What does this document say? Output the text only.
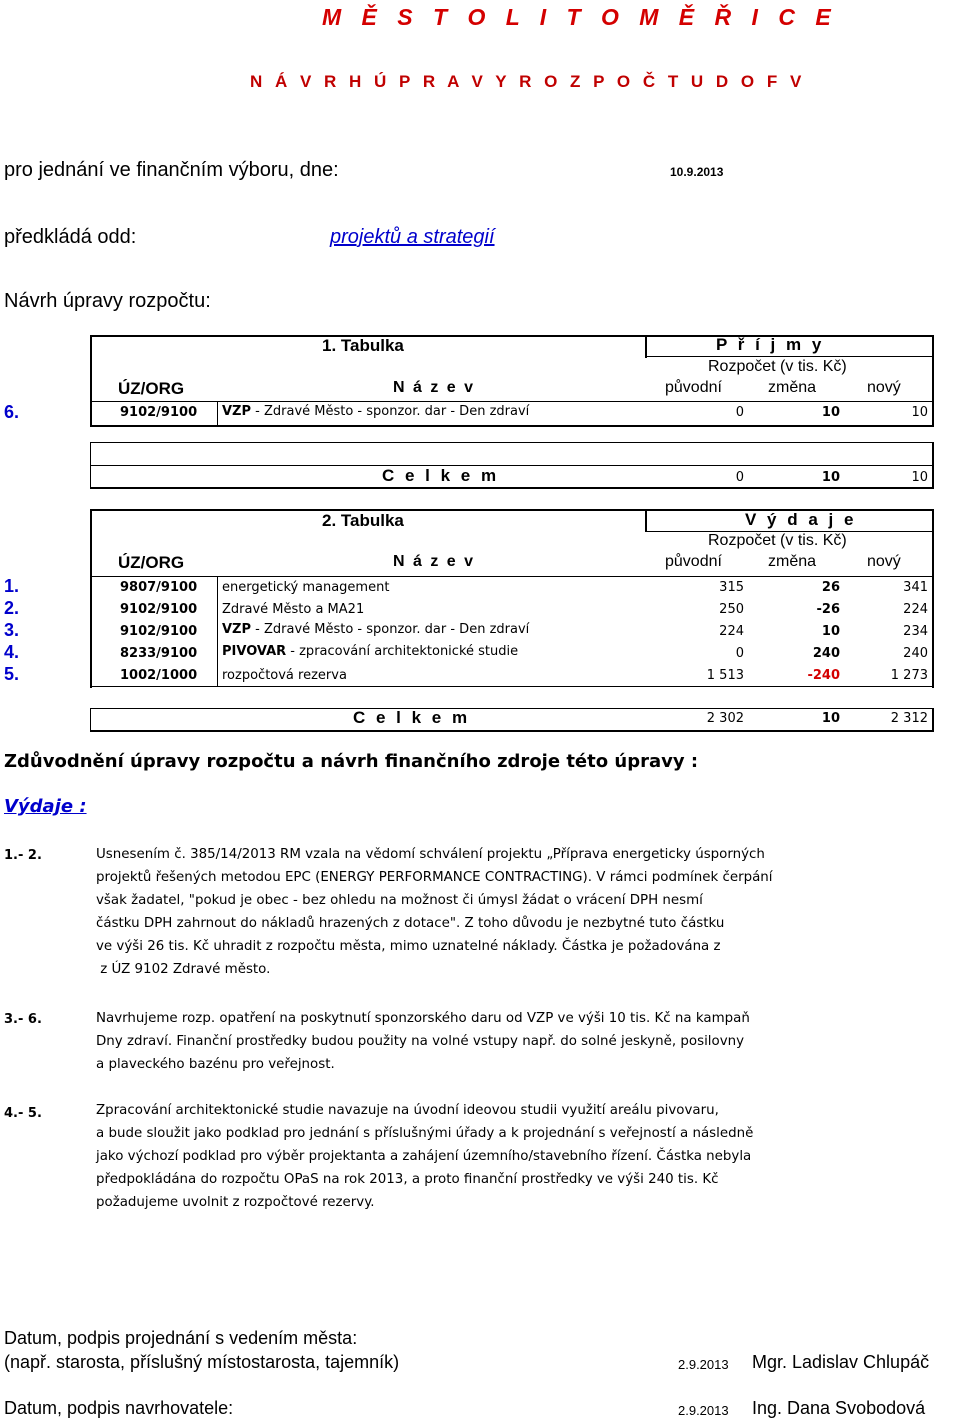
M Ě S T O L I T O M Ě Ř I C E
N Á V R H Ú P R A V Y R O Z P O Č T U D O F V
pro jednání ve finančním výboru, dne:	10.9.2013
předkládá odd:	projektů a strategií
Návrh úpravy rozpočtu:
1. Tabulka	P ř í j m y
Rozpočet (v tis. Kč)
ÚZ/ORG	N á z e v	původní	změna	nový
6.	9102/9100 VZP - Zdravé Město - sponzor. dar - Den zdraví	0	10	10
C e l k e m	0	10	10
2. Tabulka	V ý d a j e
Rozpočet (v tis. Kč)
ÚZ/ORG	N á z e v	původní	změna	nový
1.	9807/9100 energetický management	315	26	341
2.	9102/9100 Zdravé Město a MA21	250	-26	224
3.	9102/9100 VZP - Zdravé Město - sponzor. dar - Den zdraví	224	10	234
4.	8233/9100 PIVOVAR - zpracování architektonické studie	0	240	240
5.	1002/1000 rozpočtová rezerva	1 513	-240	1 273
C e l k e m	2 302	10	2 312
Zdůvodnění úpravy rozpočtu a návrh finančního zdroje této úpravy :
Výdaje :
1.- 2.	Usnesením č. 385/14/2013 RM vzala na vědomí schválení projektu „Příprava energeticky úsporných
projektů řešených metodou EPC (ENERGY PERFORMANCE CONTRACTING). V rámci podmínek čerpání
však žadatel, "pokud je obec - bez ohledu na možnost či úmysl žádat o vrácení DPH nesmí
částku DPH zahrnout do nákladů hrazených z dotace". Z toho důvodu je nezbytné tuto částku
ve výši 26 tis. Kč uhradit z rozpočtu města, mimo uznatelné náklady. Částka je požadována z
z ÚZ 9102 Zdravé město.
3.- 6.	Navrhujeme rozp. opatření na poskytnutí sponzorského daru od VZP ve výši 10 tis. Kč na kampaň
Dny zdraví. Finanční prostředky budou použity na volné vstupy např. do solné jeskyně, posilovny
a plaveckého bazénu pro veřejnost.
4.- 5.	Zpracování architektonické studie navazuje na úvodní ideovou studii využití areálu pivovaru,
a bude sloužit jako podklad pro jednání s příslušnými úřady a k projednání s veřejností a následně
jako výchozí podklad pro výběr projektanta a zahájení územního/stavebního řízení. Částka nebyla
předpokládána do rozpočtu OPaS na rok 2013, a proto finanční prostředky ve výši 240 tis. Kč
požadujeme uvolnit z rozpočtové rezervy.
Datum, podpis projednání s vedením města:
(např. starosta, příslušný místostarosta, tajemník)	2.9.2013 Mgr. Ladislav Chlupáč
Datum, podpis navrhovatele:	2.9.2013 Ing. Dana Svobodová
